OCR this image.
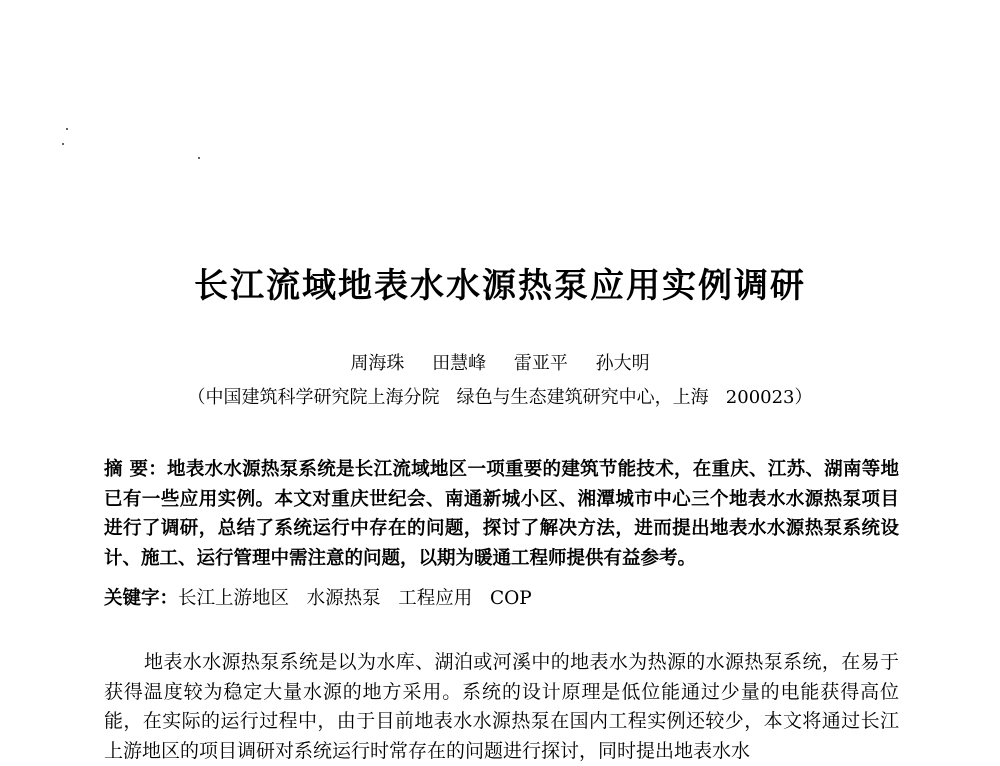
长江流域地表水水源热泵应用实例调研
周海珠 田慧峰 雷亚平 孙大明
（中国建筑科学研究院上海分院   绿色与生态建筑研究中心，上海   200023）
摘 要：地表水水源热泵系统是长江流域地区一项重要的建筑节能技术，在重庆、江苏、湖南等地已有一些应用实例。本文对重庆世纪会、南通新城小区、湘潭城市中心三个地表水水源热泵项目进行了调研，总结了系统运行中存在的问题，探讨了解决方法，进而提出地表水水源热泵系统设计、施工、运行管理中需注意的问题，以期为暖通工程师提供有益参考。
关键字：长江上游地区   水源热泵   工程应用   COP
地表水水源热泵系统是以为水库、湖泊或河溪中的地表水为热源的水源热泵系统，在易于获得温度较为稳定大量水源的地方采用。系统的设计原理是低位能通过少量的电能获得高位能，在实际的运行过程中，由于目前地表水水源热泵在国内工程实例还较少，本文将通过长江上游地区的项目调研对系统运行时常存在的问题进行探讨，同时提出地表水水
